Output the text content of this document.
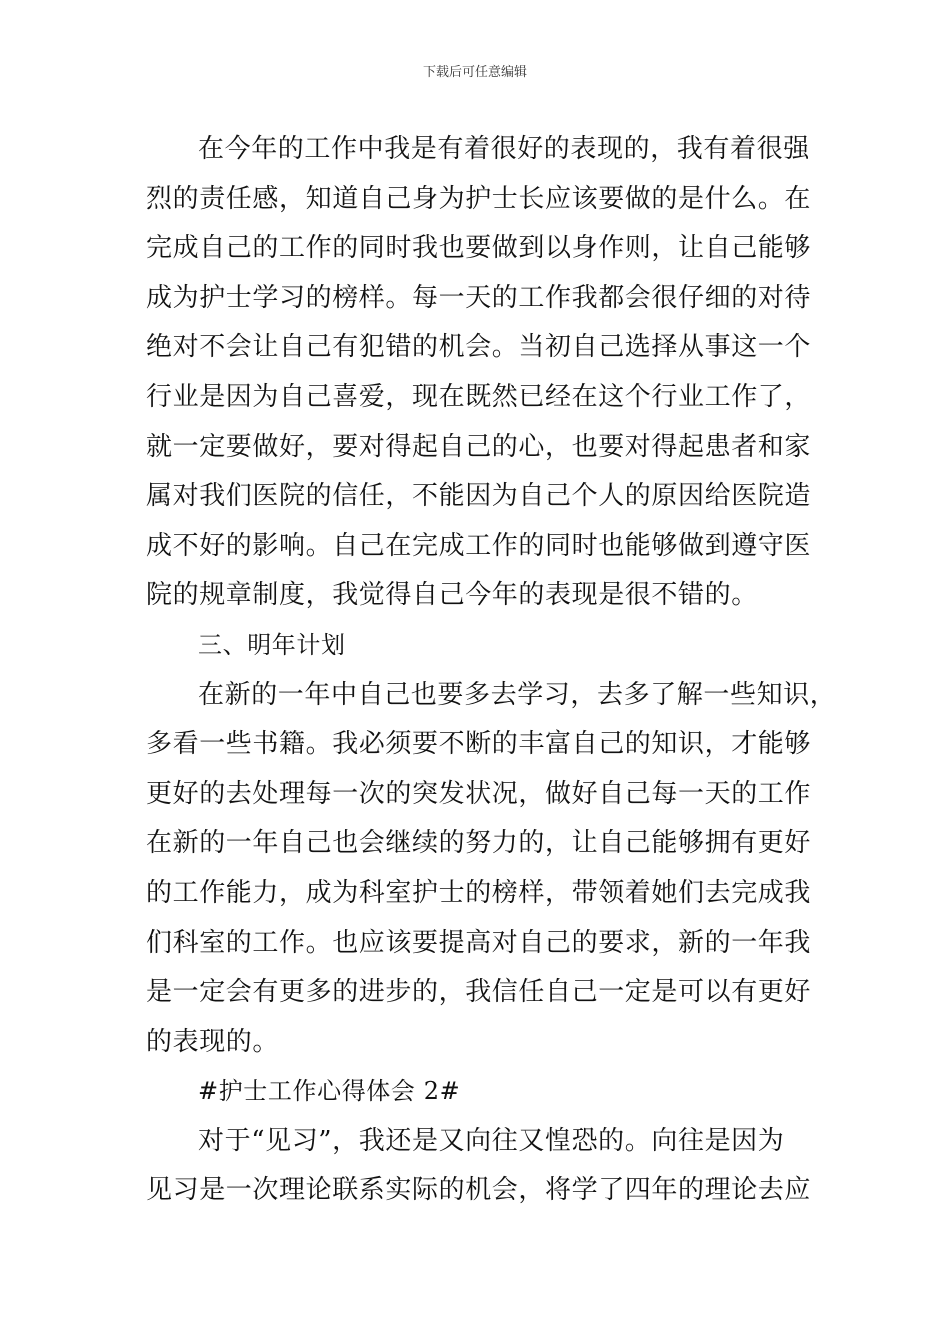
下载后可任意编辑
在今年的工作中我是有着很好的表现的，我有着很强
烈的责任感，知道自己身为护士长应该要做的是什么。在
完成自己的工作的同时我也要做到以身作则，让自己能够
成为护士学习的榜样。每一天的工作我都会很仔细的对待
绝对不会让自己有犯错的机会。当初自己选择从事这一个
行业是因为自己喜爱，现在既然已经在这个行业工作了，
就一定要做好，要对得起自己的心，也要对得起患者和家
属对我们医院的信任，不能因为自己个人的原因给医院造
成不好的影响。自己在完成工作的同时也能够做到遵守医
院的规章制度，我觉得自己今年的表现是很不错的。
三、明年计划
在新的一年中自己也要多去学习，去多了解一些知识，
多看一些书籍。我必须要不断的丰富自己的知识，才能够
更好的去处理每一次的突发状况，做好自己每一天的工作
在新的一年自己也会继续的努力的，让自己能够拥有更好
的工作能力，成为科室护士的榜样，带领着她们去完成我
们科室的工作。也应该要提高对自己的要求，新的一年我
是一定会有更多的进步的，我信任自己一定是可以有更好
的表现的。
#护士工作心得体会 2#
对于“见习”，我还是又向往又惶恐的。向往是因为
见习是一次理论联系实际的机会，将学了四年的理论去应
